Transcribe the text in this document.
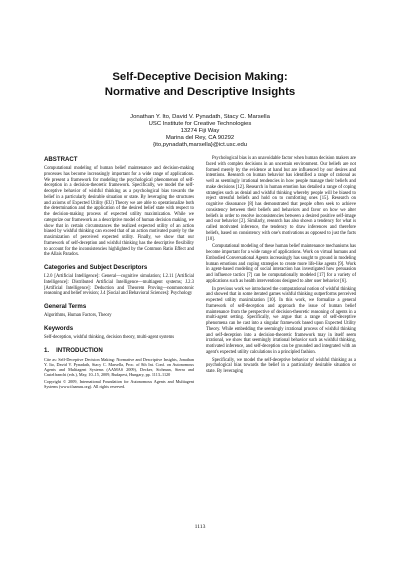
Self-Deceptive Decision Making:
Normative and Descriptive Insights
Jonathan Y. Ito, David V. Pynadath, Stacy C. Marsella
USC Institute for Creative Technologies
13274 Fiji Way
Marina del Rey, CA 90292
{ito,pynadath,marsella}@ict.usc.edu
ABSTRACT

Computational modeling of human belief maintenance and decision-making processes has become increasingly important for a wide range of applications. We present a framework for modeling the psychological phenomenon of self-deception in a decision-theoretic framework. Specifically, we model the self-deceptive behavior of wishful thinking as a psychological bias towards the belief in a particularly desirable situation or state. By leveraging the structures and axioms of Expected Utility (EU) Theory we are able to operationalize both the determination and the application of the desired belief state with respect to the decision-making process of expected utility maximization. While we categorize our framework as a descriptive model of human decision making, we show that in certain circumstances the realized expected utility of an action biased by wishful thinking can exceed that of an action motivated purely by the maximization of perceived expected utility. Finally, we show that our framework of self-deception and wishful thinking has the descriptive flexibility to account for the inconsistencies highlighted by the Common Ratio Effect and the Allais Paradox.

Categories and Subject Descriptors

I.2.0 [Artificial Intelligence]: General—cognitive simulation; I.2.11 [Artificial Intelligence]: Distributed Artificial Intelligence—multiagent systems; J.2.3 [Artificial Intelligence]: Deduction and Theorem Proving—nonmonotonic reasoning and belief revision; J.4 [Social and Behavioral Sciences]: Psychology

General Terms

Algorithms, Human Factors, Theory

Keywords

Self-deception, wishful thinking, decision theory, multi-agent systems

1. INTRODUCTION

Cite as: Self-Deceptive Decision Making: Normative and Descriptive Insights, Jonathan Y. Ito, David V. Pynadath, Stacy C. Marsella, Proc. of 8th Int. Conf. on Autonomous Agents and Multiagent Systems (AAMAS 2009), Decker, Sichman, Sierra and Castelfranchi (eds.), May, 10–15, 2009, Budapest, Hungary, pp. 1113–1120

Copyright © 2009, International Foundation for Autonomous Agents and Multiagent Systems (www.ifaamas.org). All rights reserved.

Psychological bias is an unavoidable factor when human decision makers are faced with complex decisions in an uncertain environment. Our beliefs are not formed merely by the evidence at hand but are influenced by our desires and intentions. Research on human behavior has identified a range of rational as well as seemingly irrational tendencies in how people manage their beliefs and make decisions [12]. Research in human emotion has detailed a range of coping strategies such as denial and wishful thinking whereby people will be biased to reject stressful beliefs and hold on to comforting ones [15]. Research on cognitive dissonance [8] has demonstrated that people often seek to achieve consistency between their beliefs and behaviors and favor on how we alter beliefs in order to resolve inconsistencies between a desired positive self-image and our behavior [2]. Similarly, research has also shown a tendency for what is called motivated inference, the tendency to draw inferences and therefore beliefs, based on consistency with one's motivations as opposed to just the facts [10].

Computational modeling of these human belief maintenance mechanisms has become important for a wide range of applications. Work on virtual humans and Embodied Conversational Agents increasingly has sought to ground in modeling human emotions and coping strategies to create more life-like agents [9]. Work in agent-based modeling of social interaction has investigated how persuasion and influence tactics [7] can be computationally modeled [17] for a variety of applications such as health interventions designed to alter user behavior [6].

In previous work we introduced the computational notion of wishful thinking and showed that in some iterated games wishful thinking outperforms perceived expected utility maximization [10]. In this work, we formalize a general framework of self-deception and approach the issue of human belief maintenance from the perspective of decision-theoretic reasoning of agents in a multi-agent setting. Specifically, we argue that a range of self-deceptive phenomena can be cast into a singular framework based upon Expected Utility Theory. While embedding the seemingly irrational process of wishful thinking and self-deception into a decision-theoretic framework may in itself seem irrational, we show that seemingly irrational behavior such as wishful thinking, motivated inference, and self-deception can be grounded and integrated with an agent's expected utility calculations in a principled fashion.

Specifically, we model the self-deceptive behavior of wishful thinking as a psychological bias towards the belief in a particularly desirable situation or state. By leveraging

1113
